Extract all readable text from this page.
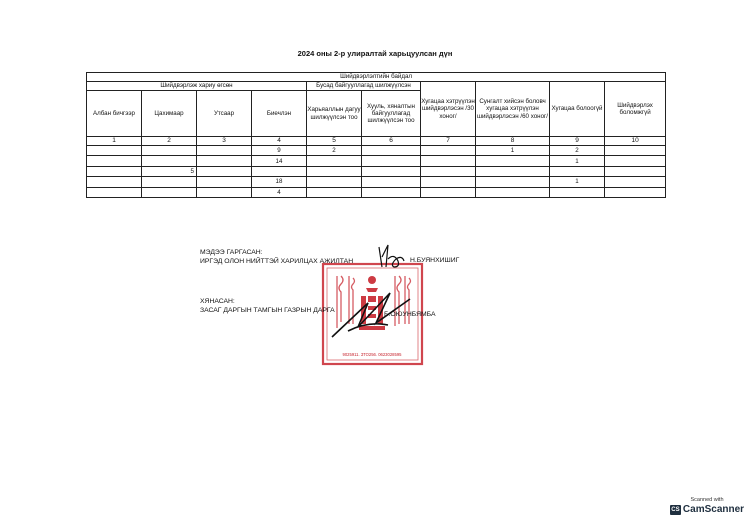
2024 оны 2-р улиралтай харьцуулсан дүн
Шийдвэрлэлтийн байдал									
Шийдвэрлэж хариу өгсөн				Бусад байгууллагад шилжүүлсэн		Хугацаа хэтрүүлэн шийдвэрлэсэн /30 хоног/	Сунгалт хийсэн боловч хугацаа хэтрүүлэн шийдвэрлэсэн /60 хоног/	Хугацаа болоогүй	Шийдвэрлэх боломжгүй
Албан бичгээр	Цахимаар	Утсаар	Биечлэн	Харьяаллын дагуу шилжүүлсэн тоо	Хууль, хяналтын байгууллагад шилжүүлсэн тоо				
1	2	3	4	5	6	7	8	9	10
			9	2			1	2	
			14					1	
	5								
			18					1	
			4						
9025911. ЗТО256. 0623028595
МЭДЭЭ ГАРГАСАН:
ИРГЭД ОЛОН НИЙТТЭЙ ХАРИЛЦАХ АЖИЛТАН	Н.БУЯНХИШИГ
ХЯНАСАН:
ЗАСАГ ДАРГЫН ТАМГЫН ГАЗРЫН ДАРГА
Б.ОЮУНБЯМБА
Scanned with
CS CamScanner
